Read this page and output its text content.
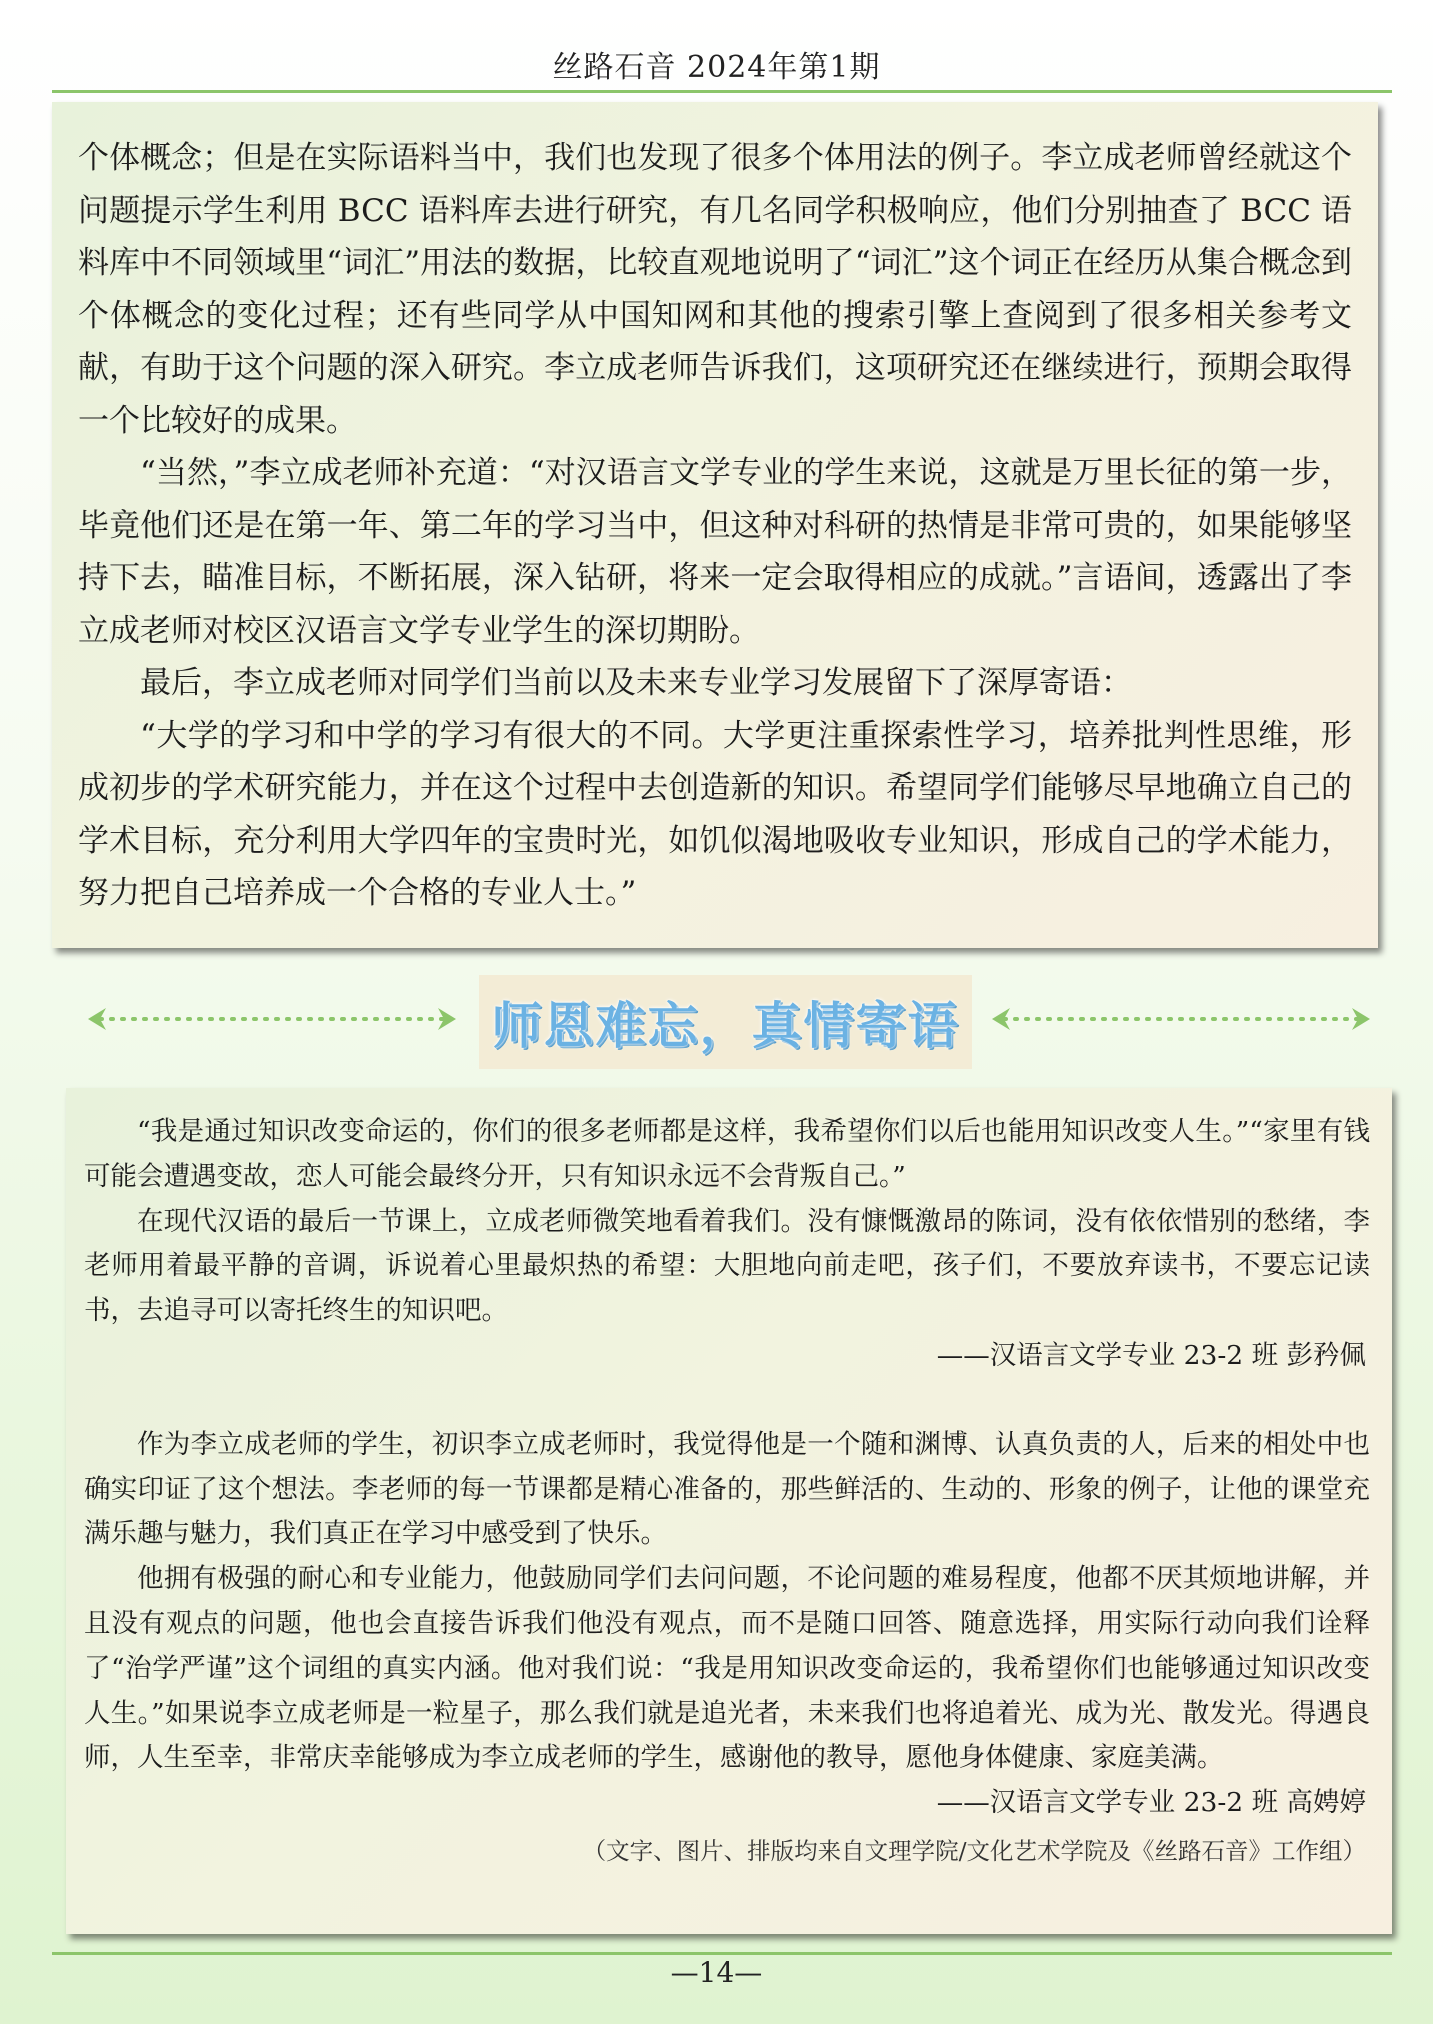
丝路石音 2024年第1期

个体概念；但是在实际语料当中，我们也发现了很多个体用法的例子。李立成老师曾经就这个问题提示学生利用 BCC 语料库去进行研究，有几名同学积极响应，他们分别抽查了 BCC 语料库中不同领域里“词汇”用法的数据，比较直观地说明了“词汇”这个词正在经历从集合概念到个体概念的变化过程；还有些同学从中国知网和其他的搜索引擎上查阅到了很多相关参考文献，有助于这个问题的深入研究。李立成老师告诉我们，这项研究还在继续进行，预期会取得一个比较好的成果。

“当然，”李立成老师补充道：“对汉语言文学专业的学生来说，这就是万里长征的第一步，毕竟他们还是在第一年、第二年的学习当中，但这种对科研的热情是非常可贵的，如果能够坚持下去，瞄准目标，不断拓展，深入钻研，将来一定会取得相应的成就。”言语间，透露出了李立成老师对校区汉语言文学专业学生的深切期盼。

最后，李立成老师对同学们当前以及未来专业学习发展留下了深厚寄语：

“大学的学习和中学的学习有很大的不同。大学更注重探索性学习，培养批判性思维，形成初步的学术研究能力，并在这个过程中去创造新的知识。希望同学们能够尽早地确立自己的学术目标，充分利用大学四年的宝贵时光，如饥似渴地吸收专业知识，形成自己的学术能力，努力把自己培养成一个合格的专业人士。”

师恩难忘，真情寄语

“我是通过知识改变命运的，你们的很多老师都是这样，我希望你们以后也能用知识改变人生。”“家里有钱可能会遭遇变故，恋人可能会最终分开，只有知识永远不会背叛自己。”

在现代汉语的最后一节课上，立成老师微笑地看着我们。没有慷慨激昂的陈词，没有依依惜别的愁绪，李老师用着最平静的音调，诉说着心里最炽热的希望：大胆地向前走吧，孩子们，不要放弃读书，不要忘记读书，去追寻可以寄托终生的知识吧。

——汉语言文学专业 23-2 班 彭矜佩

作为李立成老师的学生，初识李立成老师时，我觉得他是一个随和渊博、认真负责的人，后来的相处中也确实印证了这个想法。李老师的每一节课都是精心准备的，那些鲜活的、生动的、形象的例子，让他的课堂充满乐趣与魅力，我们真正在学习中感受到了快乐。

他拥有极强的耐心和专业能力，他鼓励同学们去问问题，不论问题的难易程度，他都不厌其烦地讲解，并且没有观点的问题，他也会直接告诉我们他没有观点，而不是随口回答、随意选择，用实际行动向我们诠释了“治学严谨”这个词组的真实内涵。他对我们说：“我是用知识改变命运的，我希望你们也能够通过知识改变人生。”如果说李立成老师是一粒星子，那么我们就是追光者，未来我们也将追着光、成为光、散发光。得遇良师，人生至幸，非常庆幸能够成为李立成老师的学生，感谢他的教导，愿他身体健康、家庭美满。

——汉语言文学专业 23-2 班 高娉婷

（文字、图片、排版均来自文理学院/文化艺术学院及《丝路石音》工作组）

—14—
